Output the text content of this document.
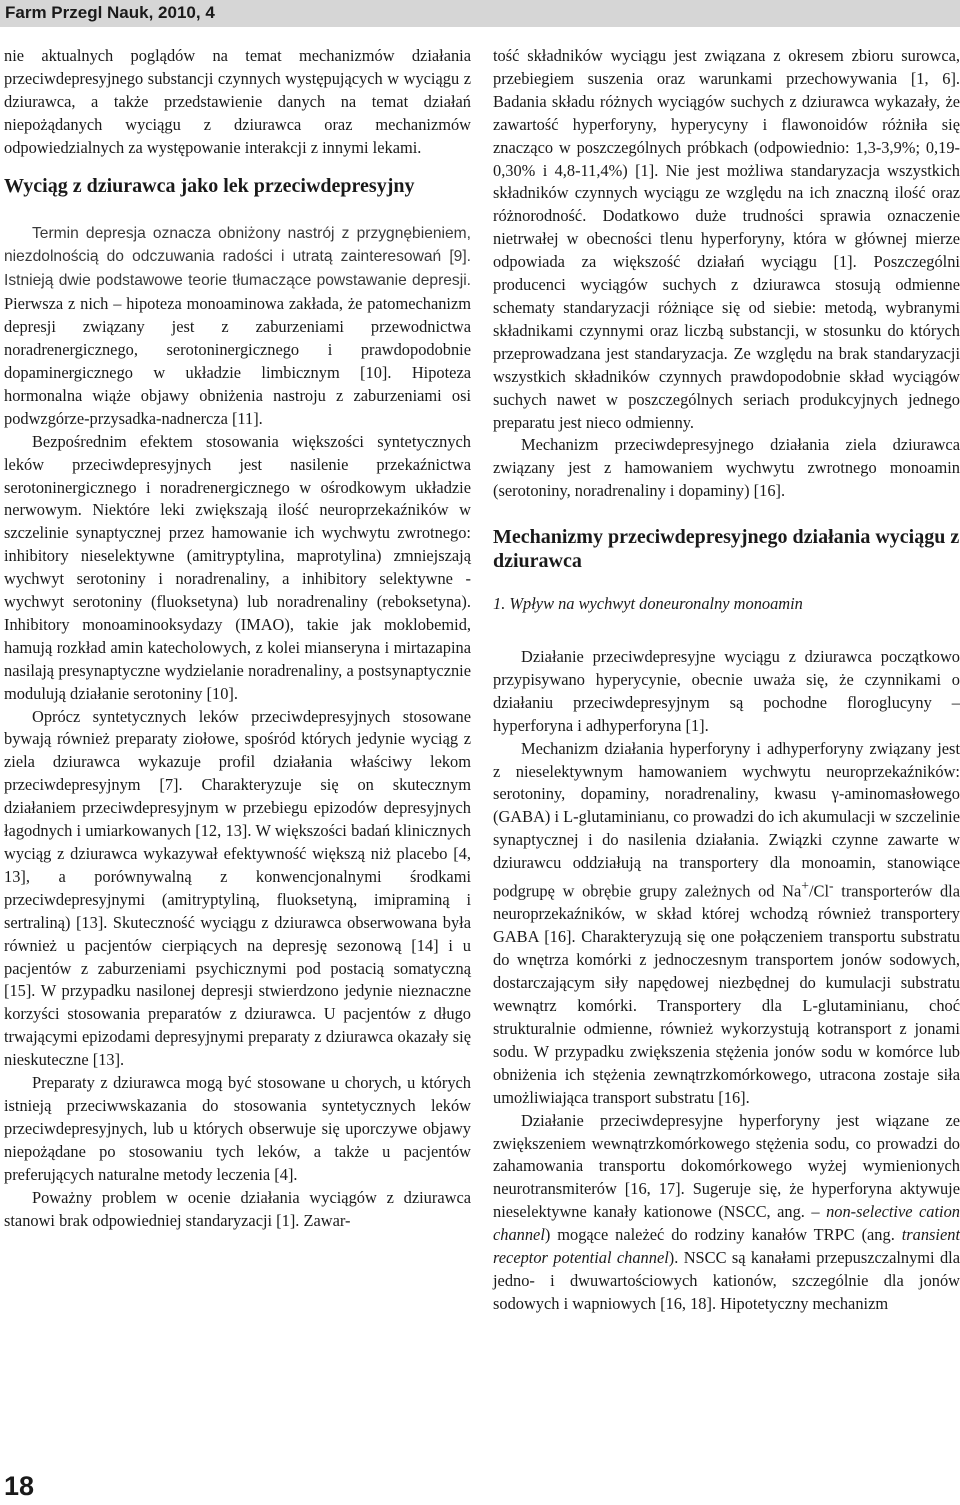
Farm Przegl Nauk, 2010, 4

nie aktualnych poglądów na temat mechanizmów działania przeciwdepresyjnego substancji czynnych występujących w wyciągu z dziurawca, a także przedstawienie danych na temat działań niepożądanych wyciągu z dziurawca oraz mechanizmów odpowiedzialnych za występowanie interakcji z innymi lekami.

Wyciąg z dziurawca jako lek przeciwdepresyjny

Termin depresja oznacza obniżony nastrój z przygnębieniem, niezdolnością do odczuwania radości i utratą zainteresowań [9]. Istnieją dwie podstawowe teorie tłumaczące powstawanie depresji. Pierwsza z nich – hipoteza monoaminowa zakłada, że patomechanizm depresji związany jest z zaburzeniami przewodnictwa noradrenergicznego, serotoninergicznego i prawdopodobnie dopaminergicznego w układzie limbicznym [10]. Hipoteza hormonalna wiąże objawy obniżenia nastroju z zaburzeniami osi podwzgórze-przysadka-nadnercza [11].

Bezpośrednim efektem stosowania większości syntetycznych leków przeciwdepresyjnych jest nasilenie przekaźnictwa serotoninergicznego i noradrenergicznego w ośrodkowym układzie nerwowym. Niektóre leki zwiększają ilość neuroprzekaźników w szczelinie synaptycznej przez hamowanie ich wychwytu zwrotnego: inhibitory nieselektywne (amitryptylina, maprotylina) zmniejszają wychwyt serotoniny i noradrenaliny, a inhibitory selektywne - wychwyt serotoniny (fluoksetyna) lub noradrenaliny (reboksetyna). Inhibitory monoaminooksydazy (IMAO), takie jak moklobemid, hamują rozkład amin katecholowych, z kolei mianseryna i mirtazapina nasilają presynaptyczne wydzielanie noradrenaliny, a postsynaptycznie modulują działanie serotoniny [10].

Oprócz syntetycznych leków przeciwdepresyjnych stosowane bywają również preparaty ziołowe, spośród których jedynie wyciąg z ziela dziurawca wykazuje profil działania właściwy lekom przeciwdepresyjnym [7]. Charakteryzuje się on skutecznym działaniem przeciwdepresyjnym w przebiegu epizodów depresyjnych łagodnych i umiarkowanych [12, 13]. W większości badań klinicznych wyciąg z dziurawca wykazywał efektywność większą niż placebo [4, 13], a porównywalną z konwencjonalnymi środkami przeciwdepresyjnymi (amitryptyliną, fluoksetyną, imipraminą i sertraliną) [13]. Skuteczność wyciągu z dziurawca obserwowana była również u pacjentów cierpiących na depresję sezonową [14] i u pacjentów z zaburzeniami psychicznymi pod postacią somatyczną [15]. W przypadku nasilonej depresji stwierdzono jedynie nieznaczne korzyści stosowania preparatów z dziurawca. U pacjentów z długo trwającymi epizodami depresyjnymi preparaty z dziurawca okazały się nieskuteczne [13].

Preparaty z dziurawca mogą być stosowane u chorych, u których istnieją przeciwwskazania do stosowania syntetycznych leków przeciwdepresyjnych, lub u których obserwuje się uporczywe objawy niepożądane po stosowaniu tych leków, a także u pacjentów preferujących naturalne metody leczenia [4].

Poważny problem w ocenie działania wyciągów z dziurawca stanowi brak odpowiedniej standaryzacji [1]. Zawar-

tość składników wyciągu jest związana z okresem zbioru surowca, przebiegiem suszenia oraz warunkami przechowywania [1, 6]. Badania składu różnych wyciągów suchych z dziurawca wykazały, że zawartość hyperforyny, hyperycyny i flawonoidów różniła się znacząco w poszczególnych próbkach (odpowiednio: 1,3-3,9%; 0,19-0,30% i 4,8-11,4%) [1]. Nie jest możliwa standaryzacja wszystkich składników czynnych wyciągu ze względu na ich znaczną ilość oraz różnorodność. Dodatkowo duże trudności sprawia oznaczenie nietrwałej w obecności tlenu hyperforyny, która w głównej mierze odpowiada za większość działań wyciągu [1]. Poszczególni producenci wyciągów suchych z dziurawca stosują odmienne schematy standaryzacji różniące się od siebie: metodą, wybranymi składnikami czynnymi oraz liczbą substancji, w stosunku do których przeprowadzana jest standaryzacja. Ze względu na brak standaryzacji wszystkich składników czynnych prawdopodobnie skład wyciągów suchych nawet w poszczególnych seriach produkcyjnych jednego preparatu jest nieco odmienny.

Mechanizm przeciwdepresyjnego działania ziela dziurawca związany jest z hamowaniem wychwytu zwrotnego monoamin (serotoniny, noradrenaliny i dopaminy) [16].

Mechanizmy przeciwdepresyjnego działania wyciągu z dziurawca
1. Wpływ na wychwyt doneuronalny monoamin

Działanie przeciwdepresyjne wyciągu z dziurawca początkowo przypisywano hyperycynie, obecnie uważa się, że czynnikami o działaniu przeciwdepresyjnym są pochodne floroglucyny – hyperforyna i adhyperforyna [1].

Mechanizm działania hyperforyny i adhyperforyny związany jest z nieselektywnym hamowaniem wychwytu neuroprzekaźników: serotoniny, dopaminy, noradrenaliny, kwasu γ-aminomasłowego (GABA) i L-glutaminianu, co prowadzi do ich akumulacji w szczelinie synaptycznej i do nasilenia działania. Związki czynne zawarte w dziurawcu oddziałują na transportery dla monoamin, stanowiące podgrupę w obrębie grupy zależnych od Na+/Cl- transporterów dla neuroprzekaźników, w skład której wchodzą również transportery GABA [16]. Charakteryzują się one połączeniem transportu substratu do wnętrza komórki z jednoczesnym transportem jonów sodowych, dostarczającym siły napędowej niezbędnej do kumulacji substratu wewnątrz komórki. Transportery dla L-glutaminianu, choć strukturalnie odmienne, również wykorzystują kotransport z jonami sodu. W przypadku zwiększenia stężenia jonów sodu w komórce lub obniżenia ich stężenia zewnątrzkomórkowego, utracona zostaje siła umożliwiająca transport substratu [16].

Działanie przeciwdepresyjne hyperforyny jest wiązane ze zwiększeniem wewnątrzkomórkowego stężenia sodu, co prowadzi do zahamowania transportu dokomórkowego wyżej wymienionych neurotransmiterów [16, 17]. Sugeruje się, że hyperforyna aktywuje nieselektywne kanały kationowe (NSCC, ang. – non-selective cation channel) mogące należeć do rodziny kanałów TRPC (ang. transient receptor potential channel). NSCC są kanałami przepuszczalnymi dla jedno- i dwuwartościowych kationów, szczególnie dla jonów sodowych i wapniowych [16, 18]. Hipotetyczny mechanizm

18
